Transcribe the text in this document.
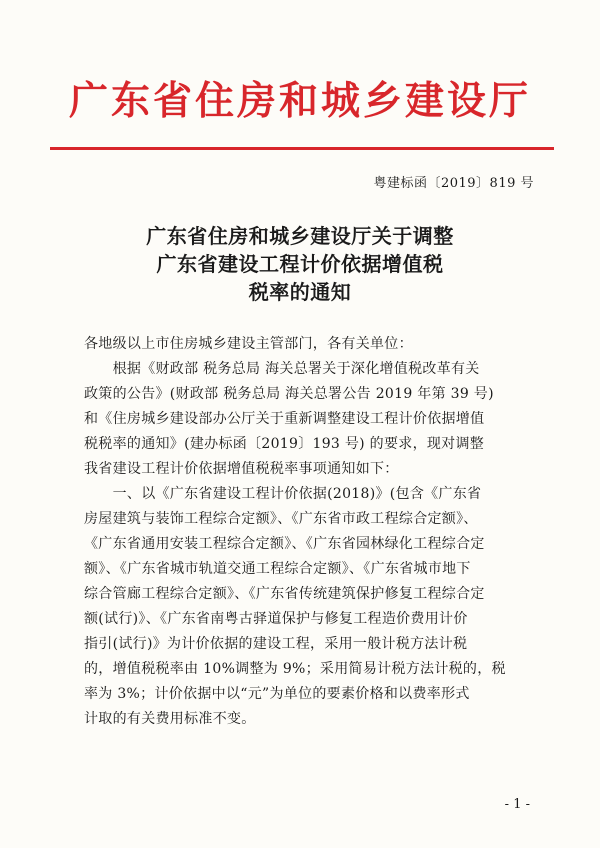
广东省住房和城乡建设厅
粤建标函〔2019〕819 号
广东省住房和城乡建设厅关于调整
广东省建设工程计价依据增值税
税率的通知
各地级以上市住房城乡建设主管部门，各有关单位：
　　根据《财政部 税务总局 海关总署关于深化增值税改革有关
政策的公告》(财政部 税务总局 海关总署公告 2019 年第 39 号)
和《住房城乡建设部办公厅关于重新调整建设工程计价依据增值
税税率的通知》(建办标函〔2019〕193 号) 的要求，现对调整
我省建设工程计价依据增值税税率事项通知如下：
　　一、以《广东省建设工程计价依据(2018)》(包含《广东省
房屋建筑与装饰工程综合定额》、《广东省市政工程综合定额》、
《广东省通用安装工程综合定额》、《广东省园林绿化工程综合定
额》、《广东省城市轨道交通工程综合定额》、《广东省城市地下
综合管廊工程综合定额》、《广东省传统建筑保护修复工程综合定
额(试行)》、《广东省南粤古驿道保护与修复工程造价费用计价
指引(试行)》为计价依据的建设工程，采用一般计税方法计税
的，增值税税率由 10%调整为 9%；采用简易计税方法计税的，税
率为 3%；计价依据中以“元”为单位的要素价格和以费率形式
计取的有关费用标准不变。
- 1 -
